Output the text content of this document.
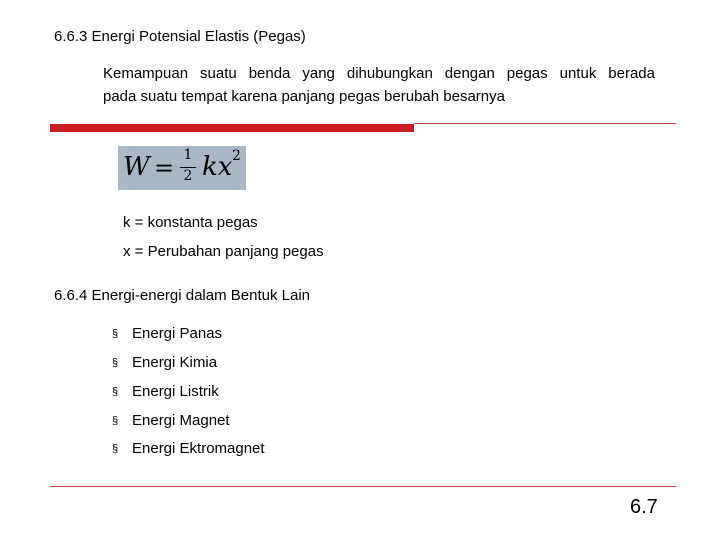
6.6.3 Energi Potensial Elastis (Pegas)
Kemampuan suatu benda yang dihubungkan dengan pegas untuk berada
pada suatu tempat karena panjang pegas berubah besarnya
W = 1
2 kx 2
k = konstanta pegas
x = Perubahan panjang pegas
6.6.4 Energi-energi dalam Bentuk Lain
§ Energi Panas
§ Energi Kimia
§ Energi Listrik
§ Energi Magnet
§ Energi Ektromagnet
6.7
